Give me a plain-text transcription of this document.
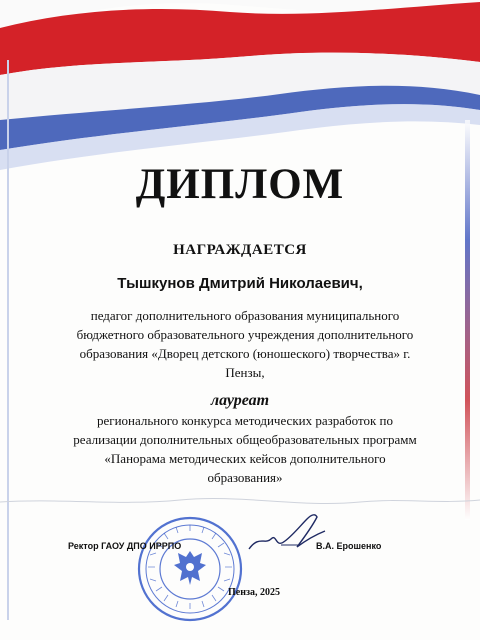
ДИПЛОМ
НАГРАЖДАЕТСЯ
Тышкунов Дмитрий Николаевич,

педагог дополнительного образования муниципального бюджетного образовательного учреждения дополнительного образования «Дворец детского (юношеского) творчества» г. Пензы,

лауреат

регионального конкурса методических разработок по реализации дополнительных общеобразовательных программ «Панорама методических кейсов дополнительного образования»

Ректор ГАОУ ДПО ИРРПО	В.А. Ерошенко
Пенза, 2025
